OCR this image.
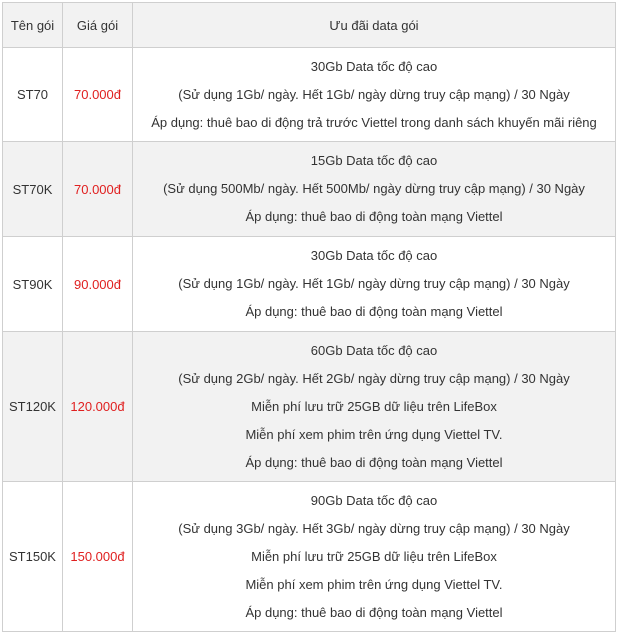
Tên gói	Giá gói	Ưu đãi data gói
ST70	70.000đ	30Gb Data tốc độ cao
(Sử dụng 1Gb/ ngày. Hết 1Gb/ ngày dừng truy cập mạng) / 30 Ngày
Áp dụng: thuê bao di động trả trước Viettel trong danh sách khuyến mãi riêng

ST70K	70.000đ	15Gb Data tốc độ cao
(Sử dụng 500Mb/ ngày. Hết 500Mb/ ngày dừng truy cập mạng) / 30 Ngày
Áp dụng: thuê bao di động toàn mạng Viettel

ST90K	90.000đ	30Gb Data tốc độ cao
(Sử dụng 1Gb/ ngày. Hết 1Gb/ ngày dừng truy cập mạng) / 30 Ngày
Áp dụng: thuê bao di động toàn mạng Viettel

ST120K	120.000đ	60Gb Data tốc độ cao
(Sử dụng 2Gb/ ngày. Hết 2Gb/ ngày dừng truy cập mạng) / 30 Ngày
Miễn phí lưu trữ 25GB dữ liệu trên LifeBox
Miễn phí xem phim trên ứng dụng Viettel TV.
Áp dụng: thuê bao di động toàn mạng Viettel

ST150K	150.000đ	90Gb Data tốc độ cao
(Sử dụng 3Gb/ ngày. Hết 3Gb/ ngày dừng truy cập mạng) / 30 Ngày
Miễn phí lưu trữ 25GB dữ liệu trên LifeBox
Miễn phí xem phim trên ứng dụng Viettel TV.
Áp dụng: thuê bao di động toàn mạng Viettel
